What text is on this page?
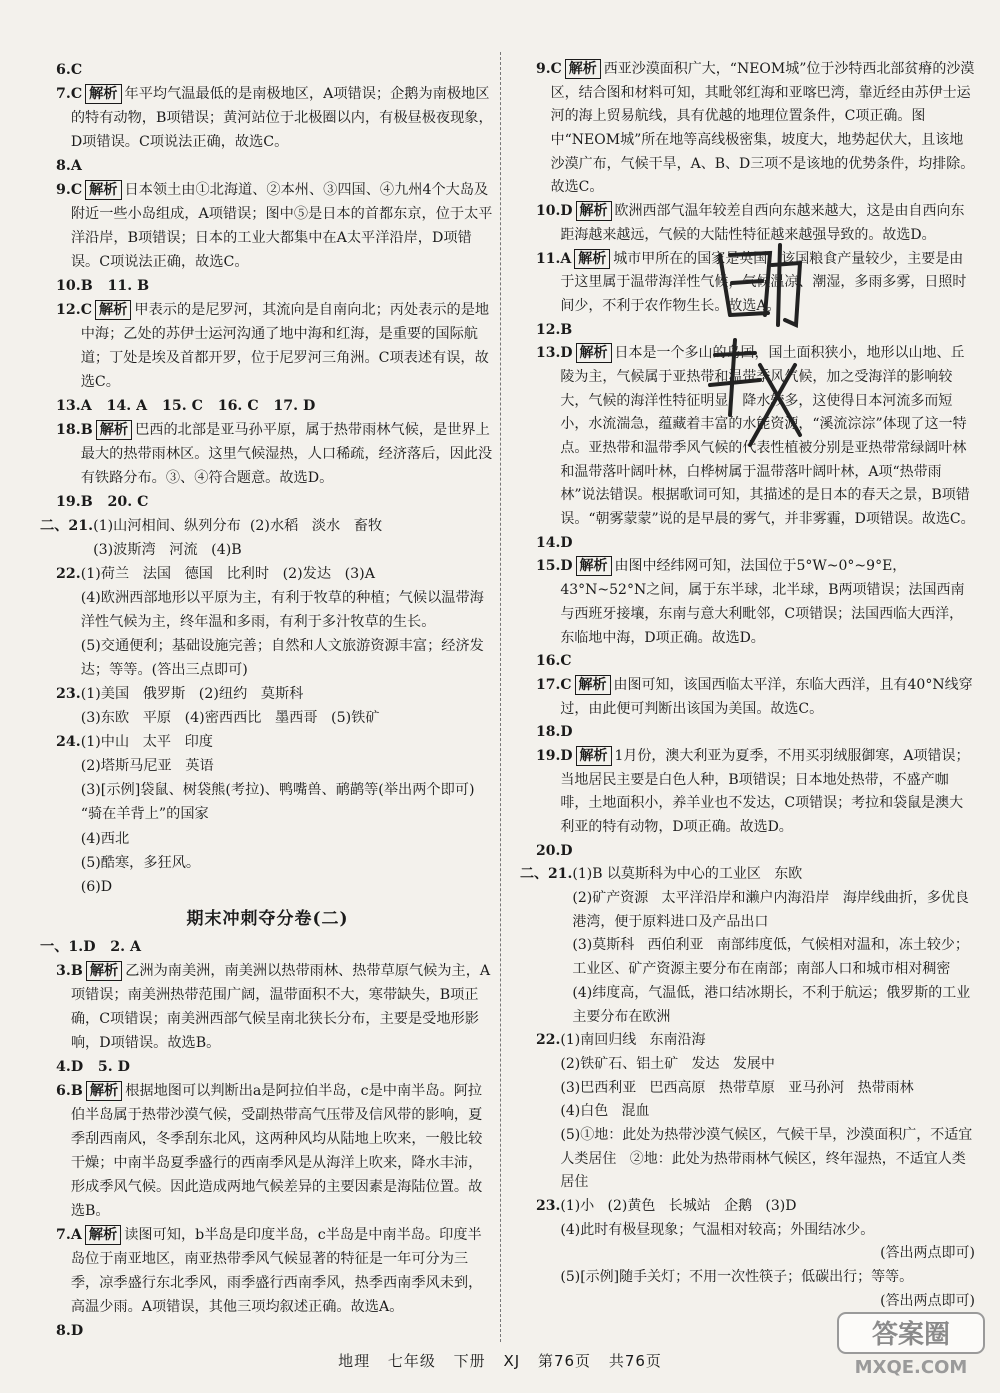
6. C
7. C 解析 年平均气温最低的是南极地区，A项错误；企鹅为南极地区的特有动物，B项错误；黄河站位于北极圈以内，有极昼极夜现象，D项错误。C项说法正确，故选C。
8. A
9. C 解析 日本领土由①北海道、②本州、③四国、④九州4个大岛及附近一些小岛组成，A项错误；图中⑤是日本的首都东京，位于太平洋沿岸，B项错误；日本的工业大都集中在A太平洋沿岸，D项错误。C项说法正确，故选C。
10. B   11. B
12. C 解析 甲表示的是尼罗河，其流向是自南向北；丙处表示的是地中海；乙处的苏伊士运河沟通了地中海和红海，是重要的国际航道；丁处是埃及首都开罗，位于尼罗河三角洲。C项表述有误，故选C。
13. A   14. A   15. C   16. C   17. D
18. B 解析 巴西的北部是亚马孙平原，属于热带雨林气候，是世界上最大的热带雨林区。这里气候湿热，人口稀疏，经济落后，因此没有铁路分布。③、④符合题意。故选D。
19. B   20. C
二、21. (1)山河相间、纵列分布  (2)水稻   淡水   畜牧
(3)波斯湾   河流   (4)B
22. (1)荷兰   法国   德国   比利时   (2)发达   (3)A
(4)欧洲西部地形以平原为主，有利于牧草的种植；气候以温带海洋性气候为主，终年温和多雨，有利于多汁牧草的生长。
(5)交通便利；基础设施完善；自然和人文旅游资源丰富；经济发达；等等。(答出三点即可)
23. (1)美国   俄罗斯   (2)纽约   莫斯科
(3)东欧   平原   (4)密西西比   墨西哥   (5)铁矿
24. (1)中山   太平   印度
(2)塔斯马尼亚   英语
(3)[示例]袋鼠、树袋熊(考拉)、鸭嘴兽、鸸鹋等(举出两个即可)  “骑在羊背上”的国家
(4)西北
(5)酷寒，多狂风。
(6)D
期末冲刺夺分卷(二)
一、1. D   2. A
3. B 解析 乙洲为南美洲，南美洲以热带雨林、热带草原气候为主，A项错误；南美洲热带范围广阔，温带面积不大，寒带缺失，B项正确，C项错误；南美洲西部气候呈南北狭长分布，主要是受地形影响，D项错误。故选B。
4. D   5. D
6. B 解析 根据地图可以判断出a是阿拉伯半岛，c是中南半岛。阿拉伯半岛属于热带沙漠气候，受副热带高气压带及信风带的影响，夏季刮西南风，冬季刮东北风，这两种风均从陆地上吹来，一般比较干燥；中南半岛夏季盛行的西南季风是从海洋上吹来，降水丰沛，形成季风气候。因此造成两地气候差异的主要因素是海陆位置。故选B。
7. A 解析 读图可知，b半岛是印度半岛，c半岛是中南半岛。印度半岛位于南亚地区，南亚热带季风气候显著的特征是一年可分为三季，凉季盛行东北季风，雨季盛行西南季风，热季西南季风未到，高温少雨。A项错误，其他三项均叙述正确。故选A。
8. D
9. C 解析 西亚沙漠面积广大，“NEOM城”位于沙特西北部贫瘠的沙漠区，结合图和材料可知，其毗邻红海和亚喀巴湾，靠近经由苏伊士运河的海上贸易航线，具有优越的地理位置条件，C项正确。图中“NEOM城”所在地等高线极密集，坡度大，地势起伏大，且该地沙漠广布，气候干旱，A、B、D三项不是该地的优势条件，均排除。故选C。
10. D 解析 欧洲西部气温年较差自西向东越来越大，这是由自西向东距海越来越远，气候的大陆性特征越来越强导致的。故选D。
11. A 解析 城市甲所在的国家是英国，该国粮食产量较少，主要是由于这里属于温带海洋性气候，气候温凉、潮湿，多雨多雾，日照时间少，不利于农作物生长。故选A。
12. B
13. D 解析 日本是一个多山的岛国，国土面积狭小，地形以山地、丘陵为主，气候属于亚热带和温带季风气候，加之受海洋的影响较大，气候的海洋性特征明显，降水较多，这使得日本河流多而短小，水流湍急，蕴藏着丰富的水能资源，“溪流淙淙”体现了这一特点。亚热带和温带季风气候的代表性植被分别是亚热带常绿阔叶林和温带落叶阔叶林，白桦树属于温带落叶阔叶林，A项“热带雨林”说法错误。根据歌词可知，其描述的是日本的春天之景，B项错误。“朝雾蒙蒙”说的是早晨的雾气，并非雾霾，D项错误。故选C。
14. D
15. D 解析 由图中经纬网可知，法国位于5°W~0°~9°E，43°N~52°N之间，属于东半球，北半球，B两项错误；法国西南与西班牙接壤，东南与意大利毗邻，C项错误；法国西临大西洋，东临地中海，D项正确。故选D。
16. C
17. C 解析 由图可知，该国西临太平洋，东临大西洋，且有40°N线穿过，由此便可判断出该国为美国。故选C。
18. D
19. D 解析 1月份，澳大利亚为夏季，不用买羽绒服御寒，A项错误；当地居民主要是白色人种，B项错误；日本地处热带，不盛产咖啡，土地面积小，养羊业也不发达，C项错误；考拉和袋鼠是澳大利亚的特有动物，D项正确。故选D。
20. D
二、21. (1)B 以莫斯科为中心的工业区   东欧
(2)矿产资源   太平洋沿岸和濑户内海沿岸   海岸线曲折，多优良港湾，便于原料进口及产品出口
(3)莫斯科   西伯利亚   南部纬度低，气候相对温和，冻土较少；工业区、矿产资源主要分布在南部；南部人口和城市相对稠密
(4)纬度高，气温低，港口结冰期长，不利于航运；俄罗斯的工业主要分布在欧洲
22. (1)南回归线   东南沿海
(2)铁矿石、铝土矿   发达   发展中
(3)巴西利亚   巴西高原   热带草原   亚马孙河   热带雨林
(4)白色   混血
(5)①地：此处为热带沙漠气候区，气候干旱，沙漠面积广，不适宜人类居住   ②地：此处为热带雨林气候区，终年湿热，不适宜人类居住
23. (1)小   (2)黄色   长城站   企鹅   (3)D
(4)此时有极昼现象；气温相对较高；外围结冰少。
(答出两点即可)
(5)[示例]随手关灯；不用一次性筷子；低碳出行；等等。
(答出两点即可)
地理 七年级 下册 XJ 第76页 共76页
答案圈
MXQE.COM
